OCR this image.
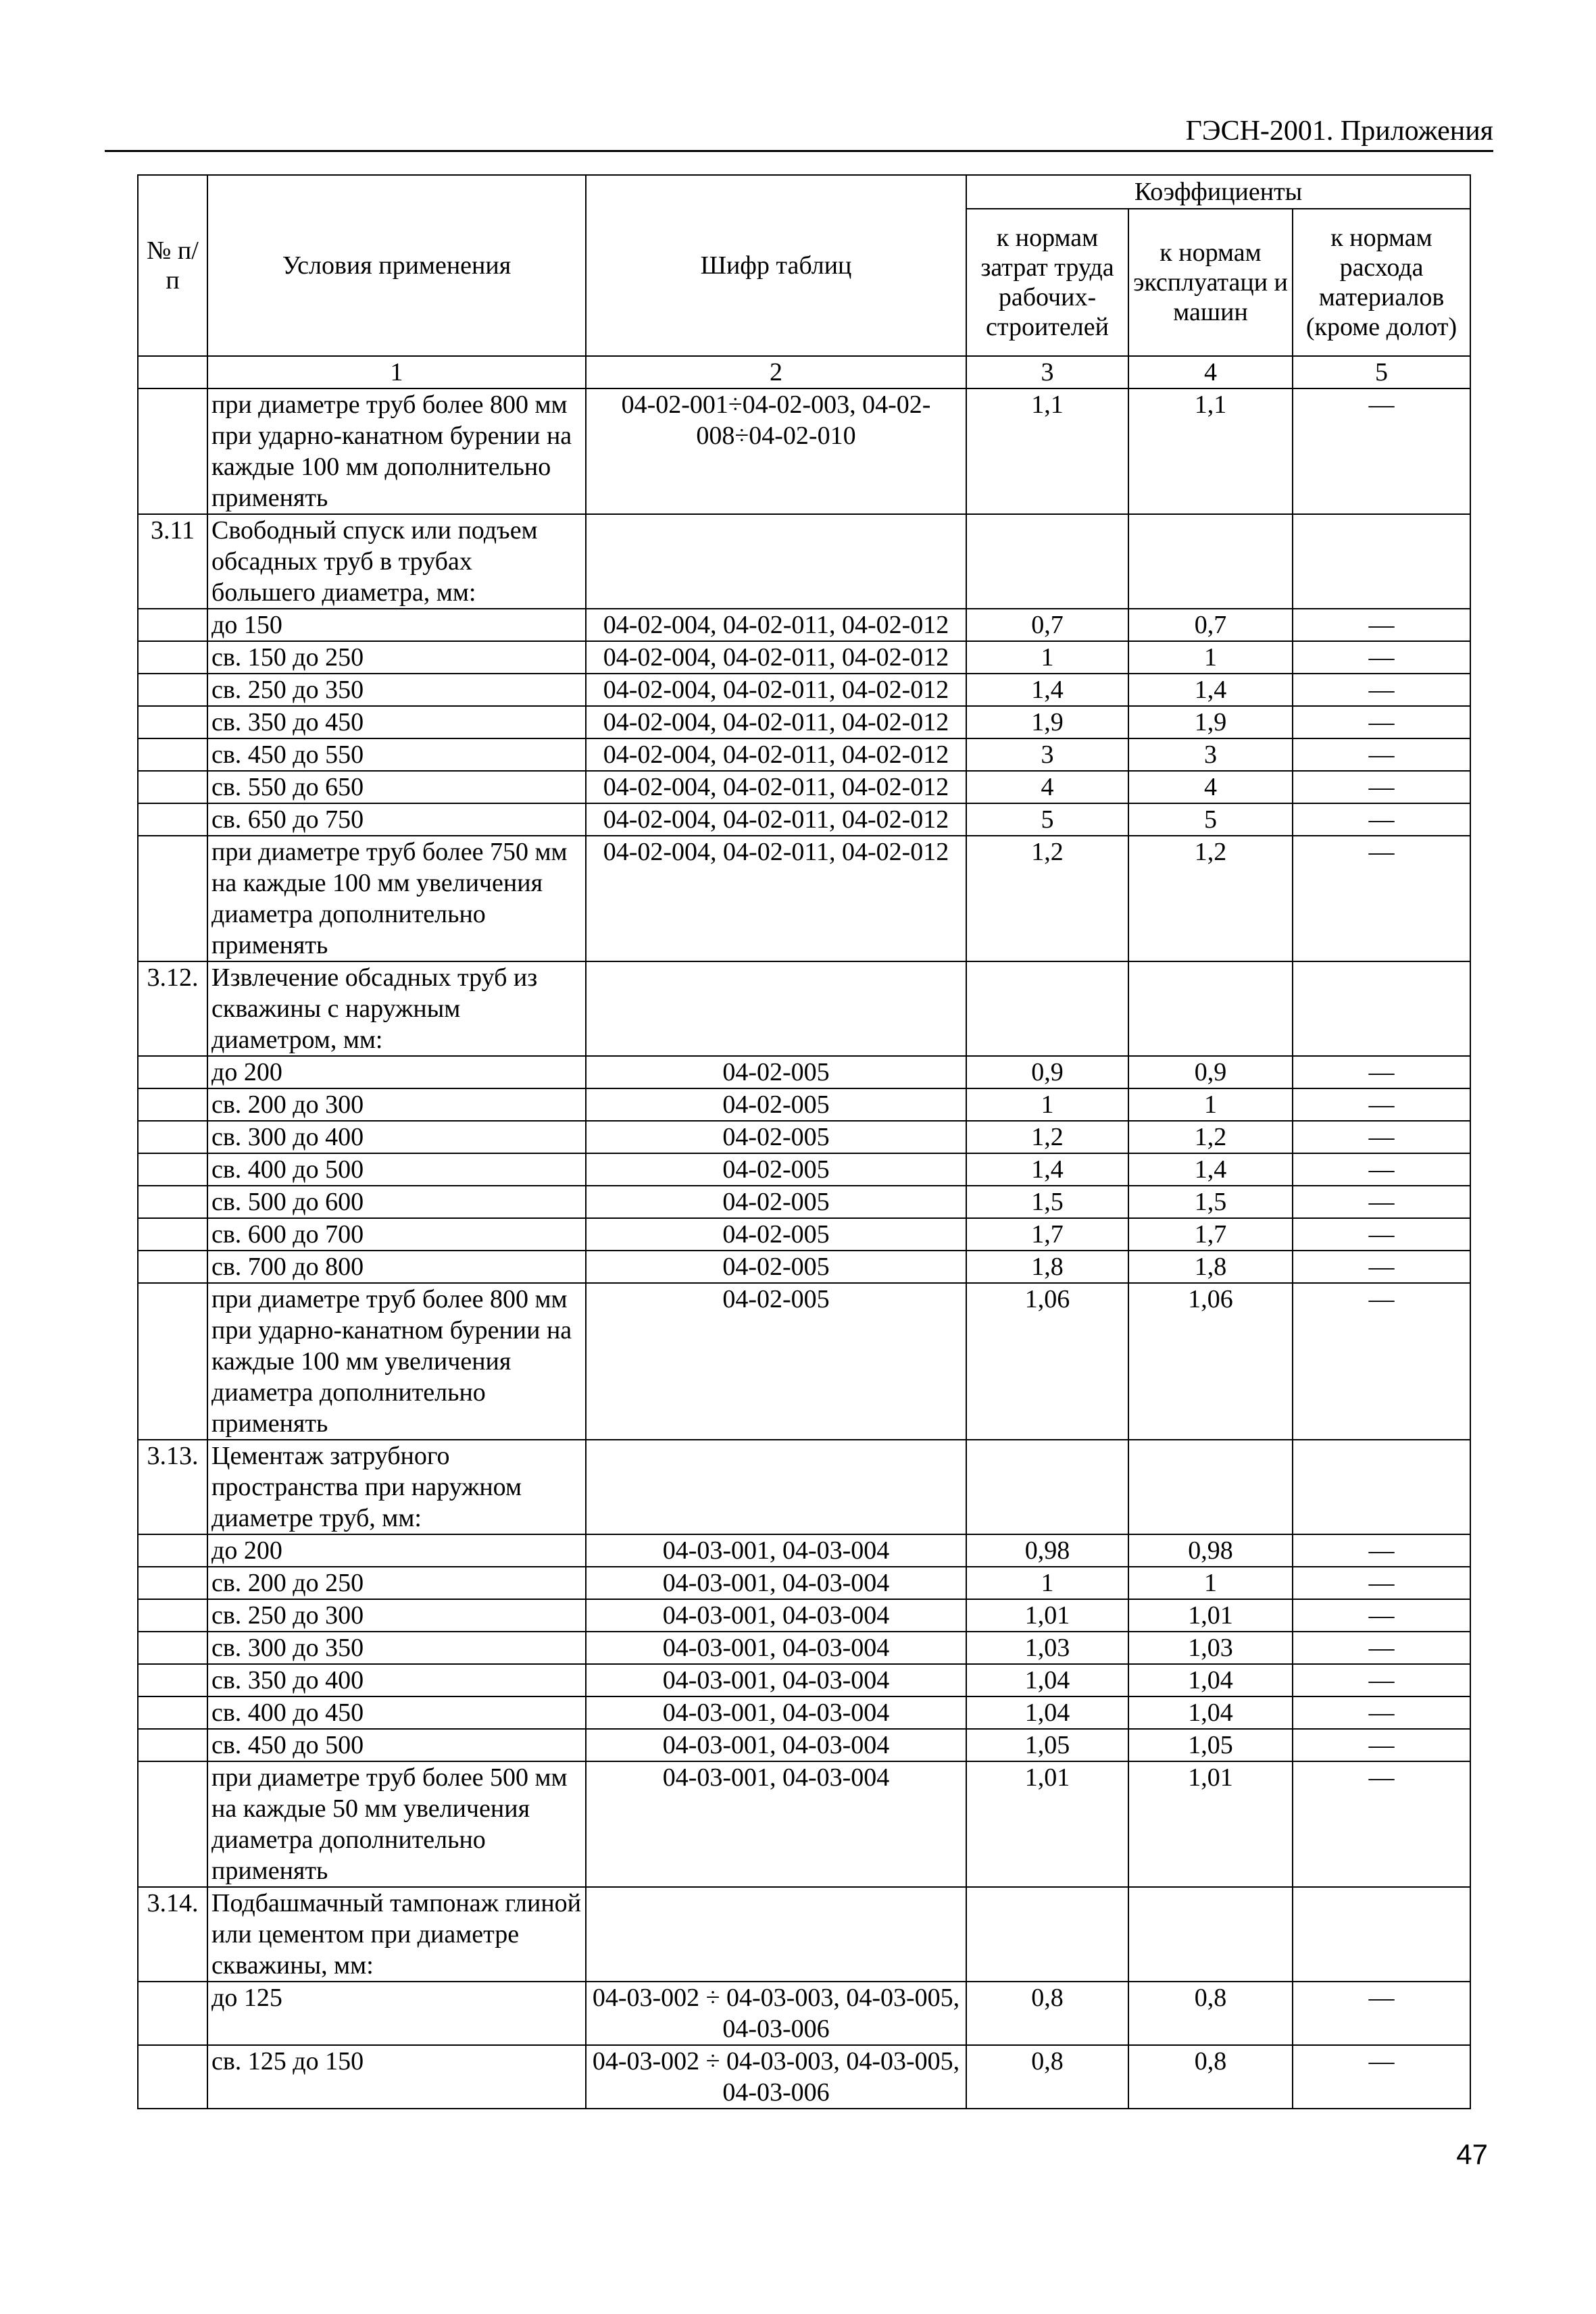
ГЭСН-2001. Приложения
№ п/п	Условия применения	Шифр таблиц	Коэффициенты		
			к нормам затрат труда рабочих-строителей	к нормам эксплуатаци и машин	к нормам расхода материалов (кроме долот)
	1	2	3	4	5
	при диаметре труб более 800 мм при ударно-канатном бурении на каждые 100 мм дополнительно применять	04-02-001÷04-02-003, 04-02-008÷04-02-010	1,1	1,1	—
3.11	Свободный спуск или подъем обсадных труб в трубах большего диаметра, мм:				
	до 150	04-02-004, 04-02-011, 04-02-012	0,7	0,7	—
	св. 150 до 250	04-02-004, 04-02-011, 04-02-012	1	1	—
	св. 250 до 350	04-02-004, 04-02-011, 04-02-012	1,4	1,4	—
	св. 350 до 450	04-02-004, 04-02-011, 04-02-012	1,9	1,9	—
	св. 450 до 550	04-02-004, 04-02-011, 04-02-012	3	3	—
	св. 550 до 650	04-02-004, 04-02-011, 04-02-012	4	4	—
	св. 650 до 750	04-02-004, 04-02-011, 04-02-012	5	5	—
	при диаметре труб более 750 мм на каждые 100 мм увеличения диаметра дополнительно применять	04-02-004, 04-02-011, 04-02-012	1,2	1,2	—
3.12.	Извлечение обсадных труб из скважины с наружным диаметром, мм:				
	до 200	04-02-005	0,9	0,9	—
	св. 200 до 300	04-02-005	1	1	—
	св. 300 до 400	04-02-005	1,2	1,2	—
	св. 400 до 500	04-02-005	1,4	1,4	—
	св. 500 до 600	04-02-005	1,5	1,5	—
	св. 600 до 700	04-02-005	1,7	1,7	—
	св. 700 до 800	04-02-005	1,8	1,8	—
	при диаметре труб более 800 мм при ударно-канатном бурении на каждые 100 мм увеличения диаметра дополнительно применять	04-02-005	1,06	1,06	—
3.13.	Цементаж затрубного пространства при наружном диаметре труб, мм:				
	до 200	04-03-001, 04-03-004	0,98	0,98	—
	св. 200 до 250	04-03-001, 04-03-004	1	1	—
	св. 250 до 300	04-03-001, 04-03-004	1,01	1,01	—
	св. 300 до 350	04-03-001, 04-03-004	1,03	1,03	—
	св. 350 до 400	04-03-001, 04-03-004	1,04	1,04	—
	св. 400 до 450	04-03-001, 04-03-004	1,04	1,04	—
	св. 450 до 500	04-03-001, 04-03-004	1,05	1,05	—
	при диаметре труб более 500 мм на каждые 50 мм увеличения диаметра дополнительно применять	04-03-001, 04-03-004	1,01	1,01	—
3.14.	Подбашмачный тампонаж глиной или цементом при диаметре скважины, мм:				
	до 125	04-03-002 ÷ 04-03-003, 04-03-005, 04-03-006	0,8	0,8	—
	св. 125 до 150	04-03-002 ÷ 04-03-003, 04-03-005, 04-03-006	0,8	0,8	—
47
